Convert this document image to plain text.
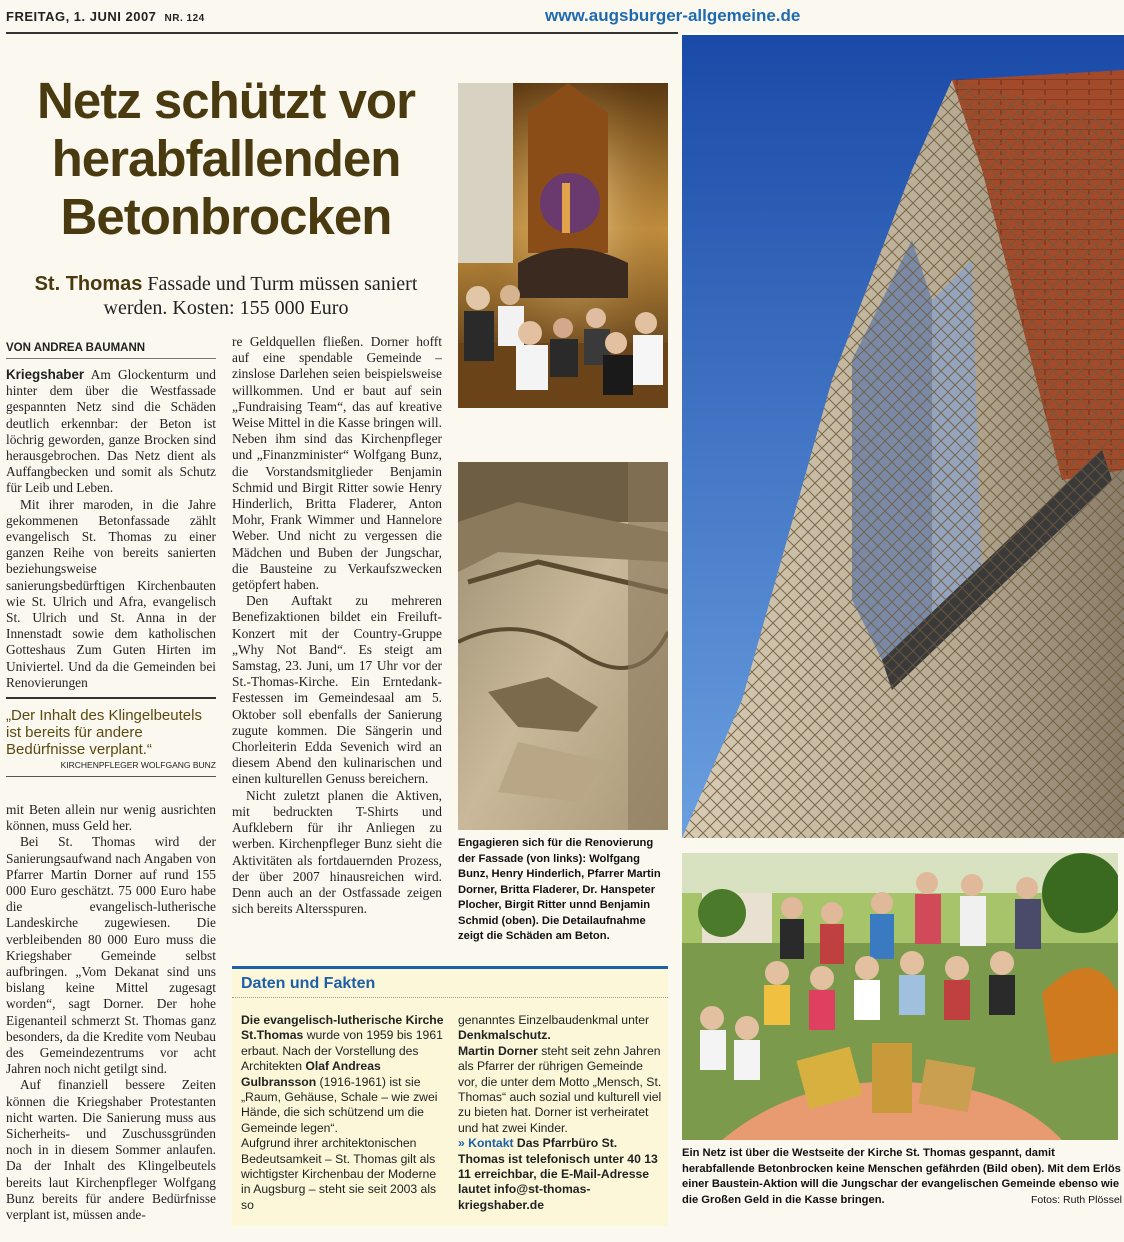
FREITAG, 1. JUNI 2007 NR. 124	www.augsburger-allgemeine.de
Netz schützt vor
herabfallenden
Betonbrocken
St. Thomas Fassade und Turm müssen saniert werden. Kosten: 155 000 Euro
VON ANDREA BAUMANN

Kriegshaber Am Glockenturm und hinter dem über die Westfassade gespannten Netz sind die Schäden deutlich erkennbar: der Beton ist löchrig geworden, ganze Brocken sind herausgebrochen. Das Netz dient als Auffangbecken und somit als Schutz für Leib und Leben.

Mit ihrer maroden, in die Jahre gekommenen Betonfassade zählt evangelisch St. Thomas zu einer ganzen Reihe von bereits sanierten beziehungsweise sanierungsbedürftigen Kirchenbauten wie St. Ulrich und Afra, evangelisch St. Ulrich und St. Anna in der Innenstadt sowie dem katholischen Gotteshaus Zum Guten Hirten im Univiertel. Und da die Gemeinden bei Renovierungen

„Der Inhalt des Klingelbeutels ist bereits für andere Bedürfnisse verplant.“
KIRCHENPFLEGER WOLFGANG BUNZ

mit Beten allein nur wenig ausrichten können, muss Geld her.

Bei St. Thomas wird der Sanierungsaufwand nach Angaben von Pfarrer Martin Dorner auf rund 155 000 Euro geschätzt. 75 000 Euro habe die evangelisch-lutherische Landeskirche zugewiesen. Die verbleibenden 80 000 Euro muss die Kriegshaber Gemeinde selbst aufbringen. „Vom Dekanat sind uns bislang keine Mittel zugesagt worden“, sagt Dorner. Der hohe Eigenanteil schmerzt St. Thomas ganz besonders, da die Kredite vom Neubau des Gemeindezentrums vor acht Jahren noch nicht getilgt sind.

Auf finanziell bessere Zeiten können die Kriegshaber Protestanten nicht warten. Die Sanierung muss aus Sicherheits- und Zuschussgründen noch in in diesem Sommer anlaufen. Da der Inhalt des Klingelbeutels bereits laut Kirchenpfleger Wolfgang Bunz bereits für andere Bedürfnisse verplant ist, müssen ande-

re Geldquellen fließen. Dorner hofft auf eine spendable Gemeinde – zinslose Darlehen seien beispielsweise willkommen. Und er baut auf sein „Fundraising Team“, das auf kreative Weise Mittel in die Kasse bringen will. Neben ihm sind das Kirchenpfleger und „Finanzminister“ Wolfgang Bunz, die Vorstandsmitglieder Benjamin Schmid und Birgit Ritter sowie Henry Hinderlich, Britta Fladerer, Anton Mohr, Frank Wimmer und Hannelore Weber. Und nicht zu vergessen die Mädchen und Buben der Jungschar, die Bausteine zu Verkaufszwecken getöpfert haben.

Den Auftakt zu mehreren Benefizaktionen bildet ein Freiluft-Konzert mit der Country-Gruppe „Why Not Band“. Es steigt am Samstag, 23. Juni, um 17 Uhr vor der St.-Thomas-Kirche. Ein Erntedank-Festessen im Gemeindesaal am 5. Oktober soll ebenfalls der Sanierung zugute kommen. Die Sängerin und Chorleiterin Edda Sevenich wird an diesem Abend den kulinarischen und einen kulturellen Genuss bereichern.

Nicht zuletzt planen die Aktiven, mit bedruckten T-Shirts und Aufklebern für ihr Anliegen zu werben. Kirchenpfleger Bunz sieht die Aktivitäten als fortdauernden Prozess, der über 2007 hinausreichen wird. Denn auch an der Ostfassade zeigen sich bereits Altersspuren.

Engagieren sich für die Renovierung der Fassade (von links): Wolfgang Bunz, Henry Hinderlich, Pfarrer Martin Dorner, Britta Fladerer, Dr. Hanspeter Plocher, Birgit Ritter unnd Benjamin Schmid (oben). Die Detailaufnahme zeigt die Schäden am Beton.
Daten und Fakten
Die evangelisch-lutherische Kirche St.Thomas wurde von 1959 bis 1961 erbaut. Nach der Vorstellung des Architekten Olaf Andreas Gulbransson (1916-1961) ist sie „Raum, Gehäuse, Schale – wie zwei Hände, die sich schützend um die Gemeinde legen“.
Aufgrund ihrer architektonischen Bedeutsamkeit – St. Thomas gilt als wichtigster Kirchenbau der Moderne in Augsburg – steht sie seit 2003 als so
genanntes Einzelbaudenkmal unter Denkmalschutz.
Martin Dorner steht seit zehn Jahren als Pfarrer der rührigen Gemeinde vor, die unter dem Motto „Mensch, St. Thomas“ auch sozial und kulturell viel zu bieten hat. Dorner ist verheiratet und hat zwei Kinder.
» Kontakt Das Pfarrbüro St. Thomas ist telefonisch unter 40 13 11 erreichbar, die E-Mail-Adresse lautet info@st-thomas-kriegshaber.de
Ein Netz ist über die Westseite der Kirche St. Thomas gespannt, damit herabfallende Betonbrocken keine Menschen gefährden (Bild oben). Mit dem Erlös einer Baustein-Aktion will die Jungschar der evangelischen Gemeinde ebenso wie die Großen Geld in die Kasse bringen.	Fotos: Ruth Plössel
